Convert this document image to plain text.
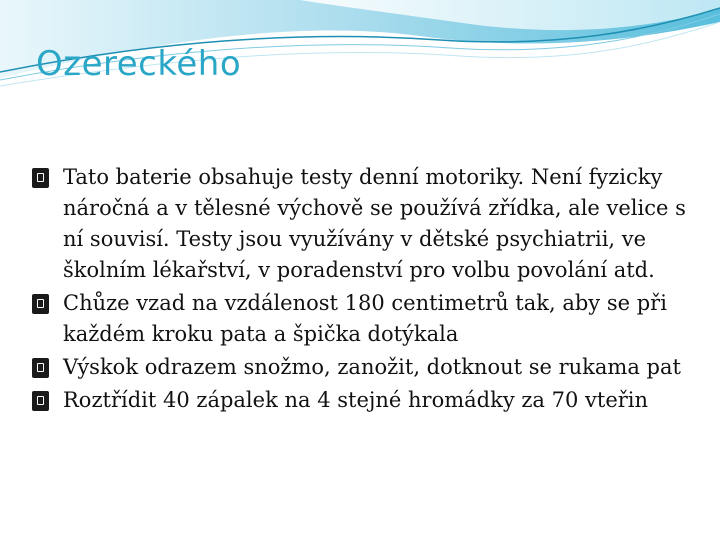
Ozereckého
Tato baterie obsahuje testy denní motoriky. Není fyzicky náročná a v tělesné výchově se používá zřídka, ale velice s ní souvisí. Testy jsou využívány v dětské psychiatrii, ve školním lékařství, v poradenství pro volbu povolání atd.
Chůze vzad na vzdálenost 180 centimetrů tak, aby se při každém kroku pata a špička dotýkala
Výskok odrazem snožmo, zanožit, dotknout se rukama pat
Roztřídit 40 zápalek na 4 stejné hromádky za 70 vteřin
